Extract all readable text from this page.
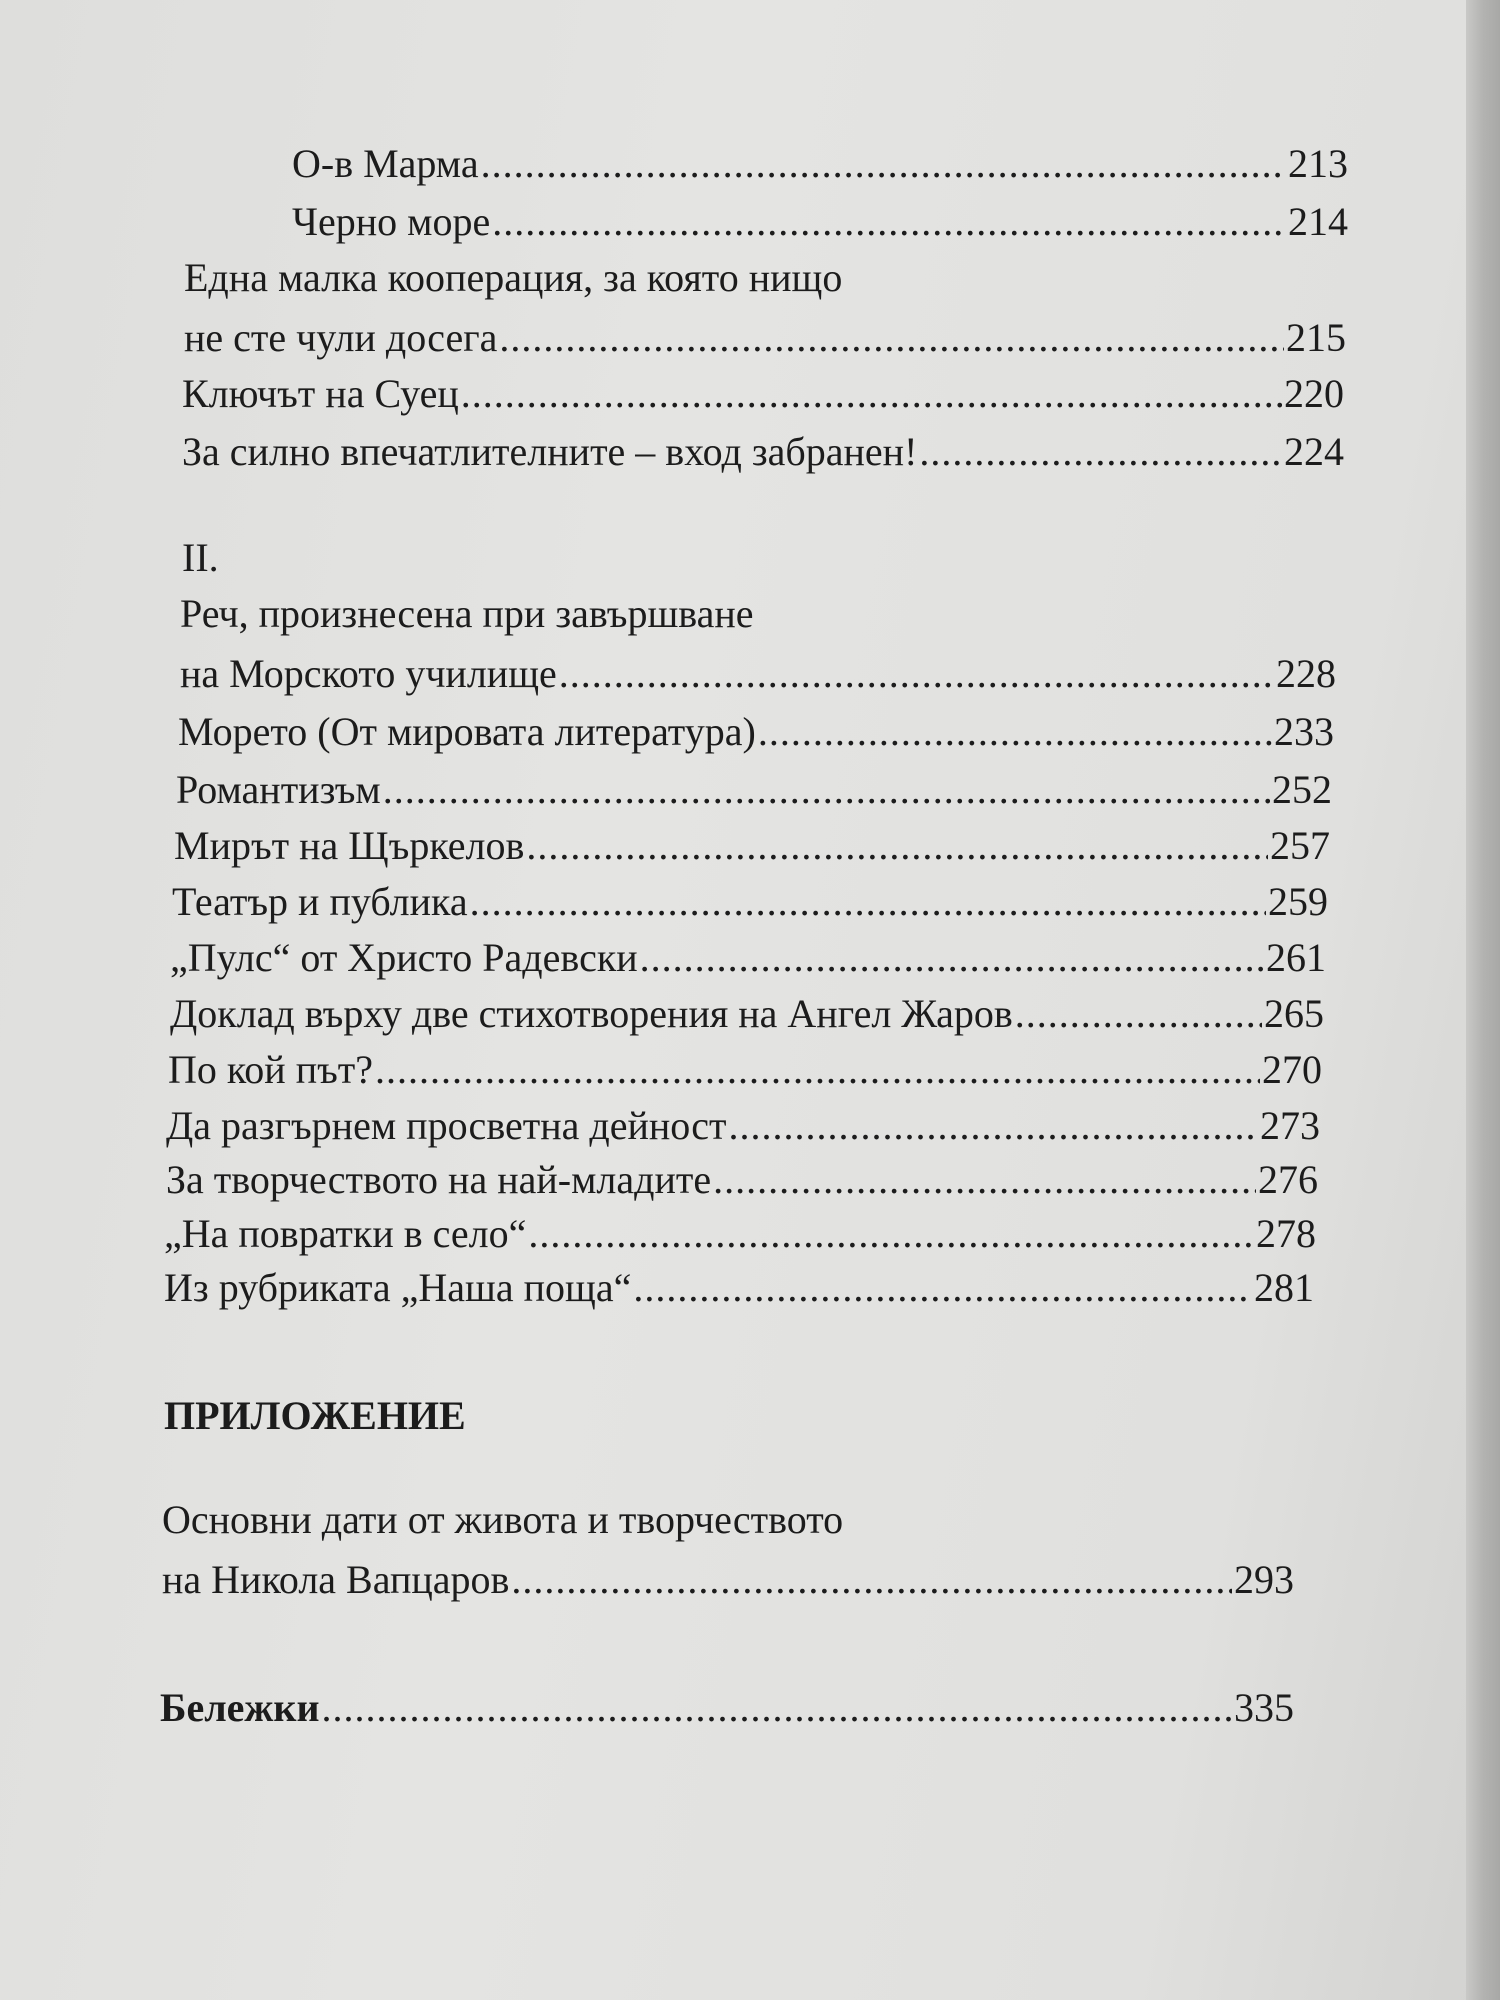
О-в Марма .....	213
Черно море .....	214
Една малка кооперация, за която нищо
не сте чули досега .....	215
Ключът на Суец .....	220
За силно впечатлителните – вход забранен! .....	224
II.
Реч, произнесена при завършване
на Морското училище .....	228
Морето (От мировата литература) .....	233
Романтизъм .....	252
Мирът на Щъркелов .....	257
Театър и публика .....	259
„Пулс“ от Христо Радевски .....	261
Доклад върху две стихотворения на Ангел Жаров .....	265
По кой път? .....	270
Да разгърнем просветна дейност .....	273
За творчеството на най-младите .....	276
„На повратки в село“ .....	278
Из рубриката „Наша поща“ .....	281
ПРИЛОЖЕНИЕ
Основни дати от живота и творчеството
на Никола Вапцаров .....	293
Бележки .....	335
